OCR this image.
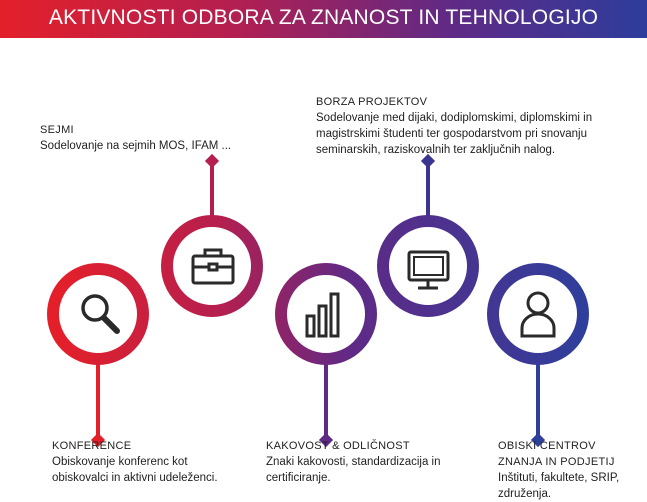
AKTIVNOSTI ODBORA ZA ZNANOST IN TEHNOLOGIJO
SEJMI
Sodelovanje na sejmih MOS, IFAM ...
BORZA PROJEKTOV
Sodelovanje med dijaki, dodiplomskimi, diplomskimi in magistrskimi študenti ter gospodarstvom pri snovanju seminarskih, raziskovalnih ter zaključnih nalog.
KONFERENCE
Obiskovanje konferenc kot obiskovalci in aktivni udeleženci.
KAKOVOST & ODLIČNOST
Znaki kakovosti, standardizacija in certificiranje.
OBISKI CENTROV ZNANJA IN PODJETIJ
Inštituti, fakultete, SRIP, združenja.
